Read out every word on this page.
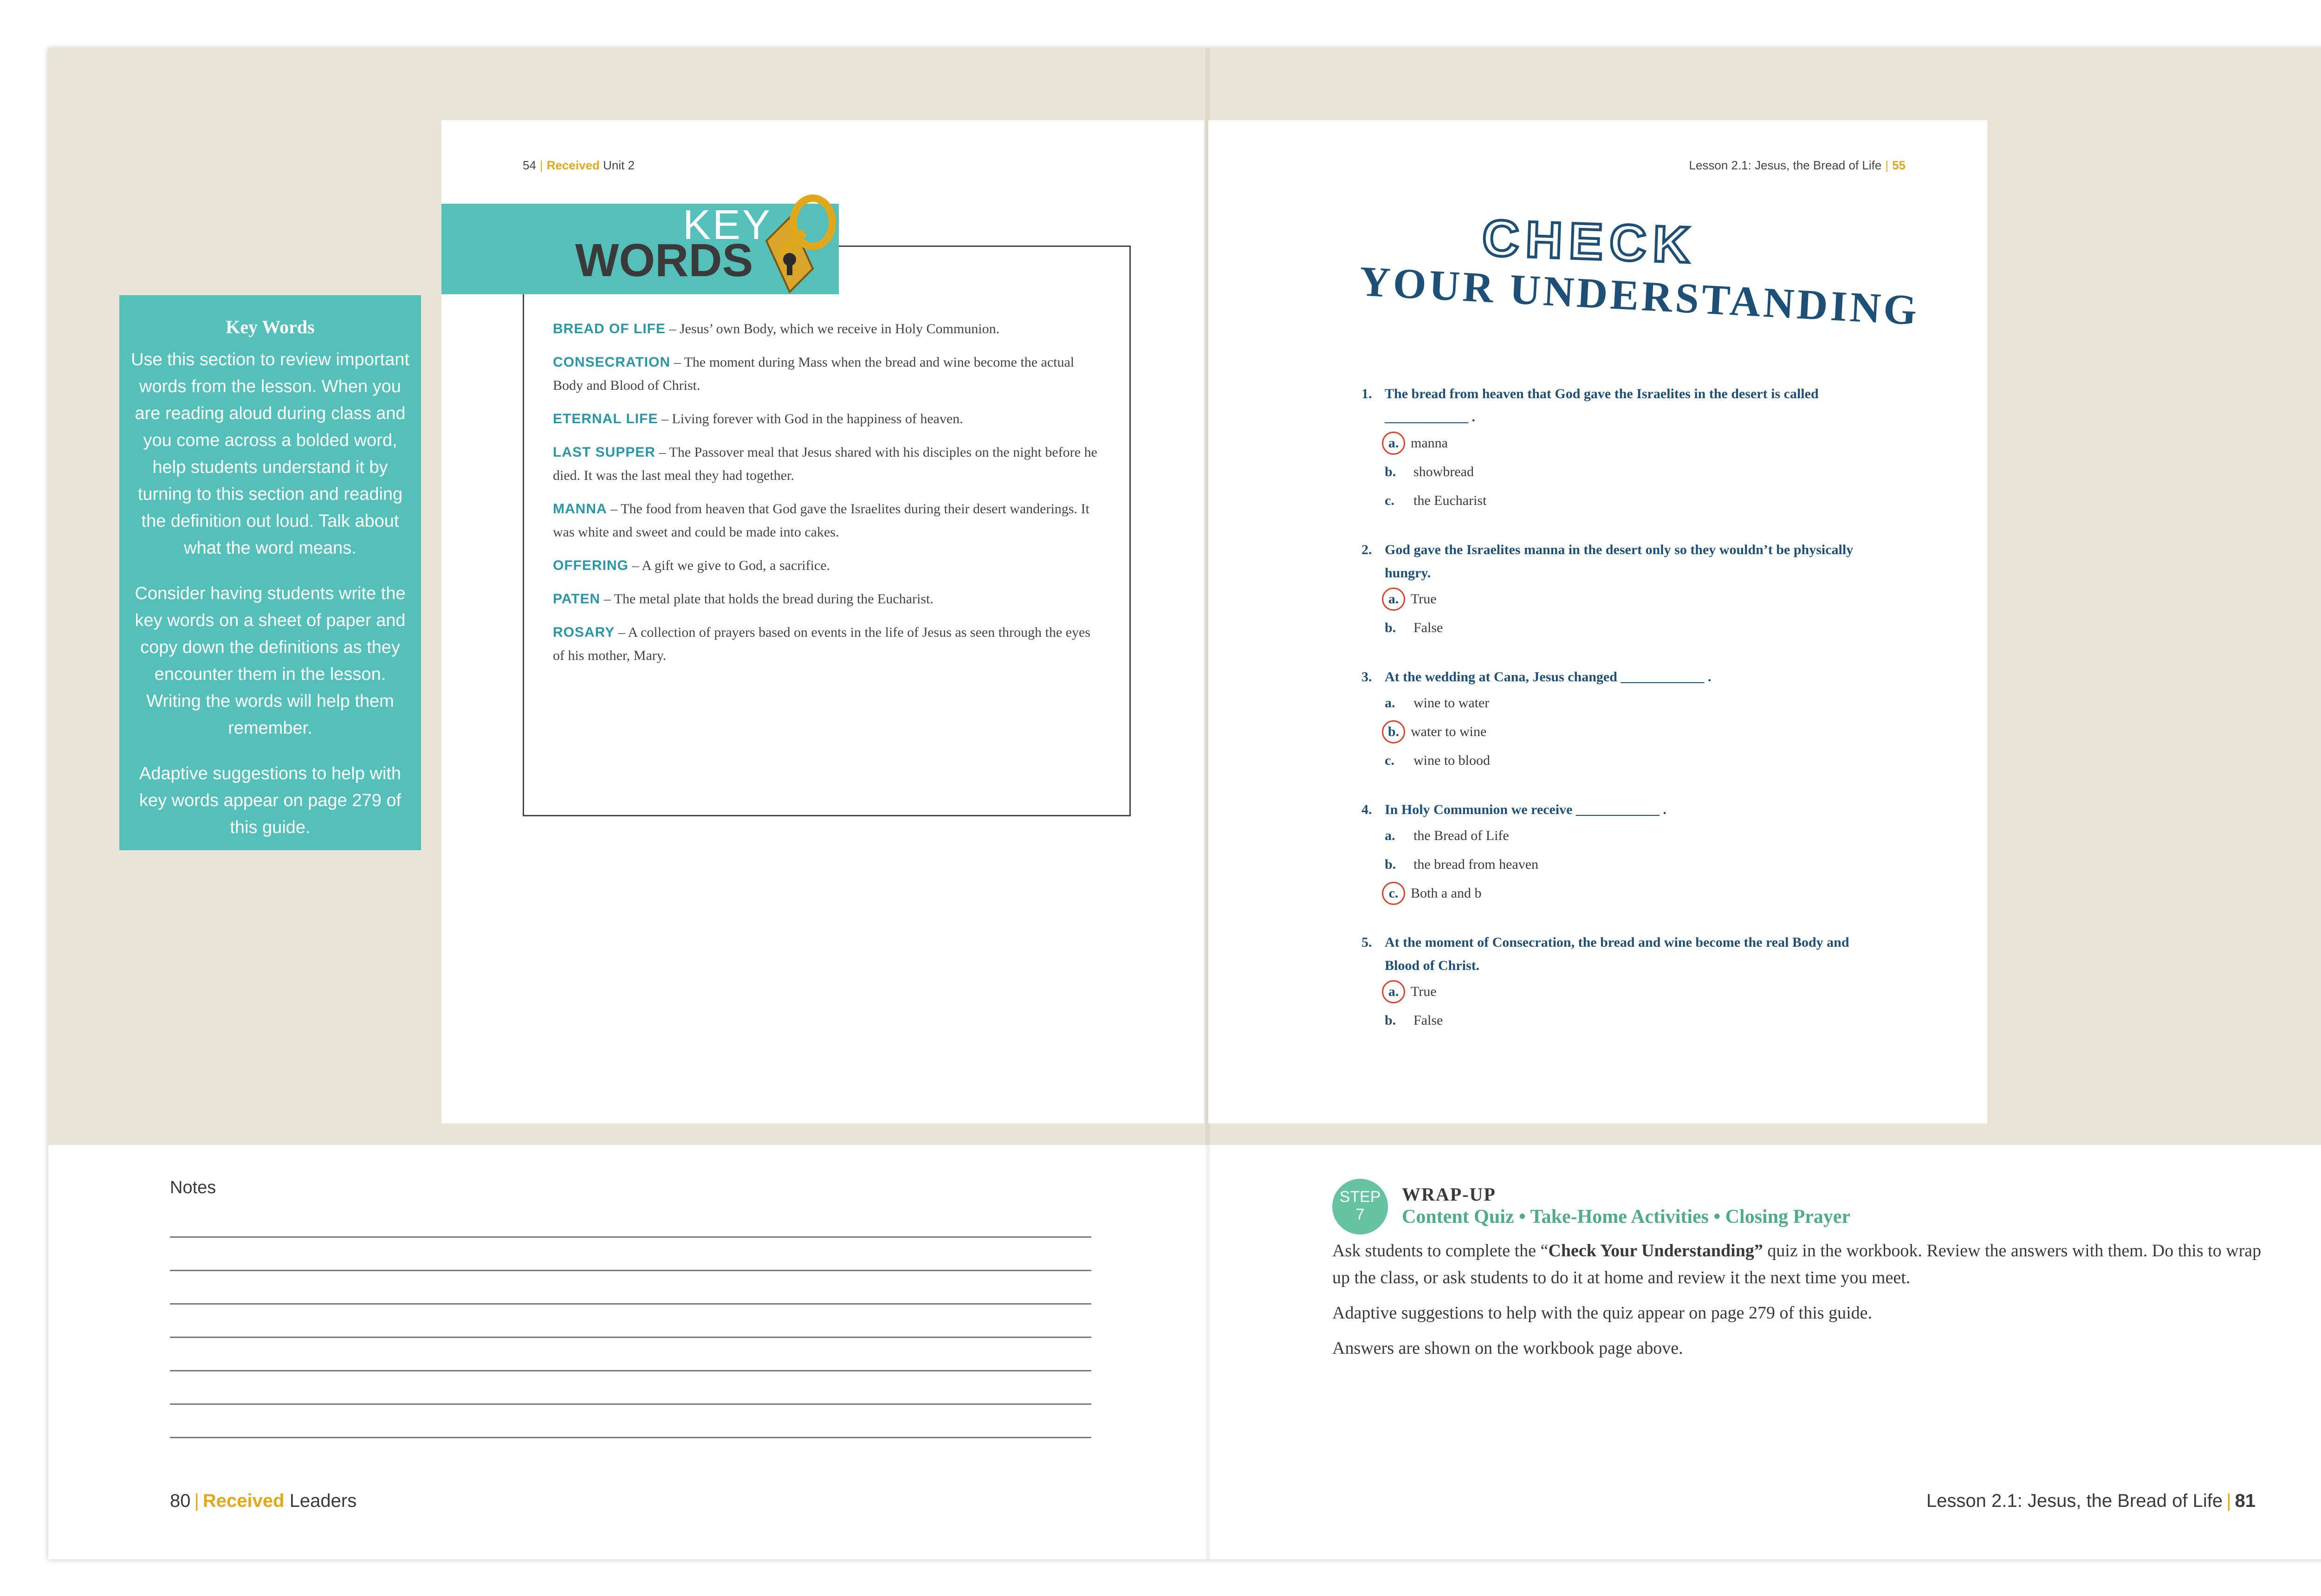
Key Words

Use this section to review important words from the lesson. When you are reading aloud during class and you come across a bolded word, help students understand it by turning to this section and reading the definition out loud. Talk about what the word means.

Consider having students write the key words on a sheet of paper and copy down the definitions as they encounter them in the lesson. Writing the words will help them remember.

Adaptive suggestions to help with key words appear on page 279 of this guide.

54 | Received Unit 2
KEY
WORDS
BREAD OF LIFE – Jesus’ own Body, which we receive in Holy Communion.
CONSECRATION – The moment during Mass when the bread and wine become the actual Body and Blood of Christ.
ETERNAL LIFE – Living forever with God in the happiness of heaven.
LAST SUPPER – The Passover meal that Jesus shared with his disciples on the night before he died. It was the last meal they had together.
MANNA – The food from heaven that God gave the Israelites during their desert wanderings. It was white and sweet and could be made into cakes.
OFFERING – A gift we give to God, a sacrifice.
PATEN – The metal plate that holds the bread during the Eucharist.
ROSARY – A collection of prayers based on events in the life of Jesus as seen through the eyes of his mother, Mary.
Lesson 2.1: Jesus, the Bread of Life | 55
CHECK
YOUR UNDERSTANDING
1. The bread from heaven that God gave the Israelites in the desert is called ____________ .
a. manna
b. showbread
c. the Eucharist
2. God gave the Israelites manna in the desert only so they wouldn’t be physically hungry.
a. True
b. False
3. At the wedding at Cana, Jesus changed ____________ .
a. wine to water
b. water to wine
c. wine to blood
4. In Holy Communion we receive ____________ .
a. the Bread of Life
b. the bread from heaven
c. Both a and b
5. At the moment of Consecration, the bread and wine become the real Body and Blood of Christ.
a. True
b. False
Notes	STEP
7
WRAP-UP
Content Quiz • Take-Home Activities • Closing Prayer

Ask students to complete the “Check Your Understanding” quiz in the workbook. Review the answers with them. Do this to wrap up the class, or ask students to do it at home and review it the next time you meet.

Adaptive suggestions to help with the quiz appear on page 279 of this guide.

Answers are shown on the workbook page above.

80 | Received Leaders	Lesson 2.1: Jesus, the Bread of Life | 81
